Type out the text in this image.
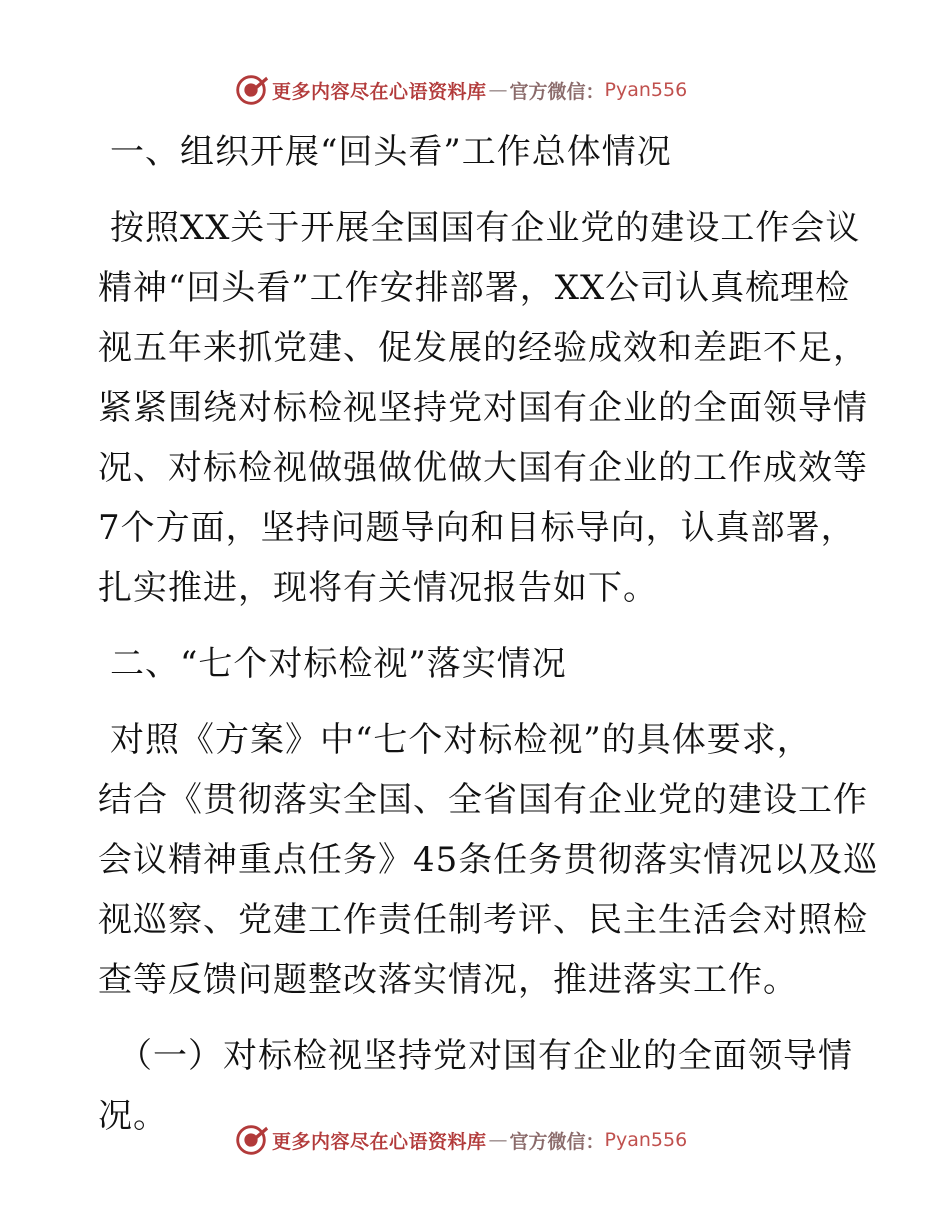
更多内容尽在心语资料库 — 官方微信： Pyan556
一、组织开展“回头看”工作总体情况
按照XX关于开展全国国有企业党的建设工作会议
精神“回头看”工作安排部署，XX公司认真梳理检
视五年来抓党建、促发展的经验成效和差距不足，
紧紧围绕对标检视坚持党对国有企业的全面领导情
况、对标检视做强做优做大国有企业的工作成效等
7个方面，坚持问题导向和目标导向，认真部署，
扎实推进，现将有关情况报告如下。
二、“七个对标检视”落实情况
对照《方案》中“七个对标检视”的具体要求，
结合《贯彻落实全国、全省国有企业党的建设工作
会议精神重点任务》45条任务贯彻落实情况以及巡
视巡察、党建工作责任制考评、民主生活会对照检
查等反馈问题整改落实情况，推进落实工作。
（一）对标检视坚持党对国有企业的全面领导情
况。
更多内容尽在心语资料库 — 官方微信： Pyan556
